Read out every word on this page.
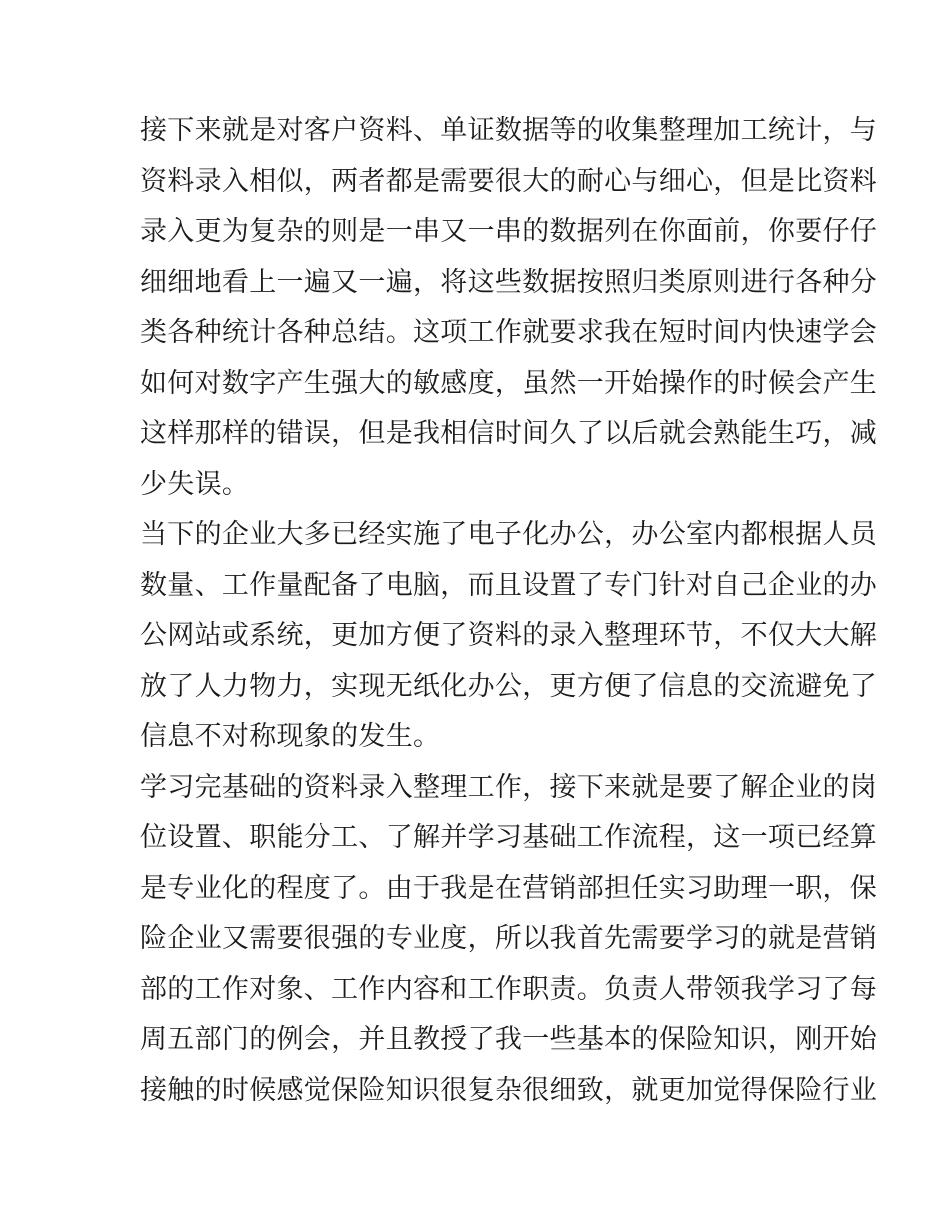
接下来就是对客户资料、单证数据等的收集整理加工统计，与
资料录入相似，两者都是需要很大的耐心与细心，但是比资料
录入更为复杂的则是一串又一串的数据列在你面前，你要仔仔
细细地看上一遍又一遍，将这些数据按照归类原则进行各种分
类各种统计各种总结。这项工作就要求我在短时间内快速学会
如何对数字产生强大的敏感度，虽然一开始操作的时候会产生
这样那样的错误，但是我相信时间久了以后就会熟能生巧，减
少失误。
当下的企业大多已经实施了电子化办公，办公室内都根据人员
数量、工作量配备了电脑，而且设置了专门针对自己企业的办
公网站或系统，更加方便了资料的录入整理环节，不仅大大解
放了人力物力，实现无纸化办公，更方便了信息的交流避免了
信息不对称现象的发生。
学习完基础的资料录入整理工作，接下来就是要了解企业的岗
位设置、职能分工、了解并学习基础工作流程，这一项已经算
是专业化的程度了。由于我是在营销部担任实习助理一职，保
险企业又需要很强的专业度，所以我首先需要学习的就是营销
部的工作对象、工作内容和工作职责。负责人带领我学习了每
周五部门的例会，并且教授了我一些基本的保险知识，刚开始
接触的时候感觉保险知识很复杂很细致，就更加觉得保险行业
